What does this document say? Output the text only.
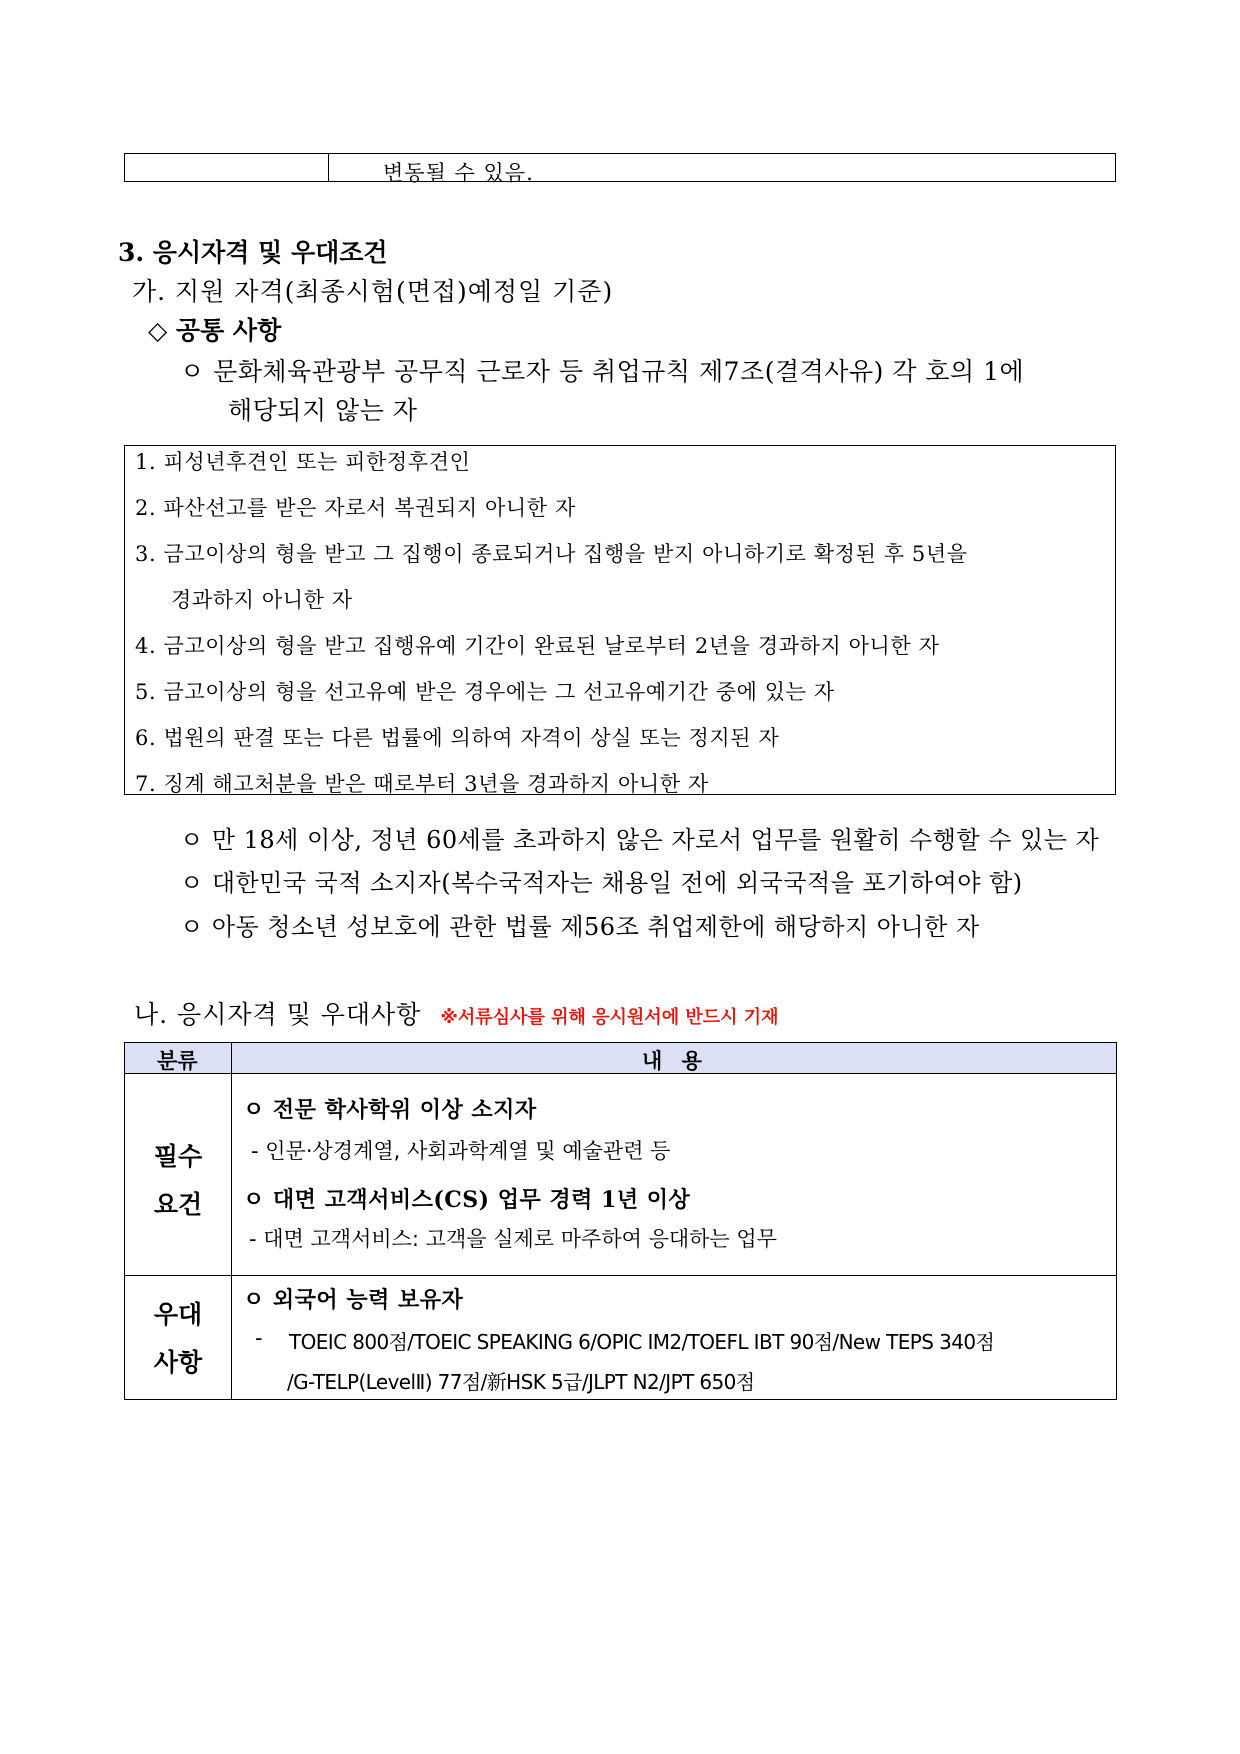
변동될 수 있음.
3. 응시자격 및 우대조건
가. 지원 자격(최종시험(면접)예정일 기준)
◇ 공통 사항
ㅇ 문화체육관광부 공무직 근로자 등 취업규칙 제7조(결격사유) 각 호의 1에
해당되지 않는 자
1. 피성년후견인 또는 피한정후견인
2. 파산선고를 받은 자로서 복권되지 아니한 자
3. 금고이상의 형을 받고 그 집행이 종료되거나 집행을 받지 아니하기로 확정된 후 5년을
경과하지 아니한 자
4. 금고이상의 형을 받고 집행유예 기간이 완료된 날로부터 2년을 경과하지 아니한 자
5. 금고이상의 형을 선고유예 받은 경우에는 그 선고유예기간 중에 있는 자
6. 법원의 판결 또는 다른 법률에 의하여 자격이 상실 또는 정지된 자
7. 징계 해고처분을 받은 때로부터 3년을 경과하지 아니한 자
ㅇ 만 18세 이상, 정년 60세를 초과하지 않은 자로서 업무를 원활히 수행할 수 있는 자
ㅇ 대한민국 국적 소지자(복수국적자는 채용일 전에 외국국적을 포기하여야 함)
ㅇ 아동 청소년 성보호에 관한 법률 제56조 취업제한에 해당하지 아니한 자
나. 응시자격 및 우대사항 ※서류심사를 위해 응시원서에 반드시 기재
분류	내 용
필수
요건
ㅇ 전문 학사학위 이상 소지자
- 인문·상경계열, 사회과학계열 및 예술관련 등
ㅇ 대면 고객서비스(CS) 업무 경력 1년 이상
- 대면 고객서비스: 고객을 실제로 마주하여 응대하는 업무
우대
사항
ㅇ 외국어 능력 보유자
- TOEIC 800점/TOEIC SPEAKING 6/OPIC IM2/TOEFL IBT 90점/New TEPS 340점
/G-TELP(LevelⅡ) 77점/新HSK 5급/JLPT N2/JPT 650점
